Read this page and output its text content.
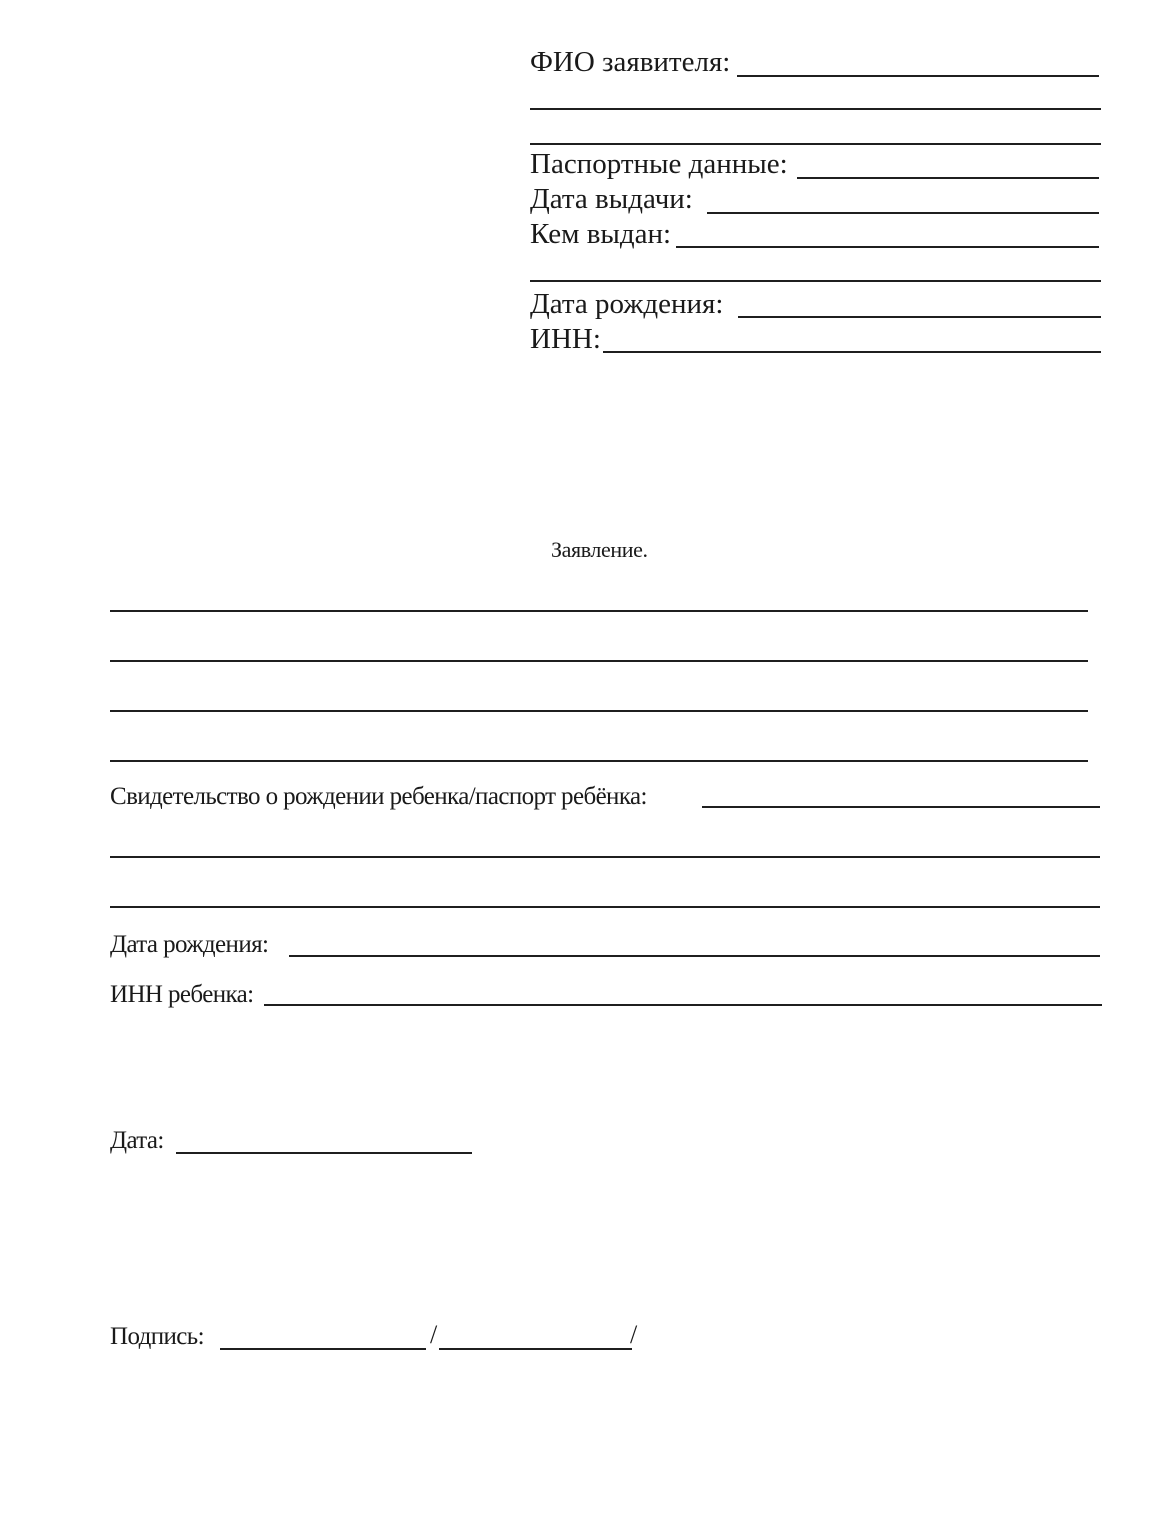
ФИО заявителя:
Паспортные данные:
Дата выдачи:
Кем выдан:
Дата рождения:
ИНН:
Заявление.
Свидетельство о рождении ребенка/паспорт ребёнка:
Дата рождения:
ИНН ребенка:
Дата:
Подпись:	/	/
